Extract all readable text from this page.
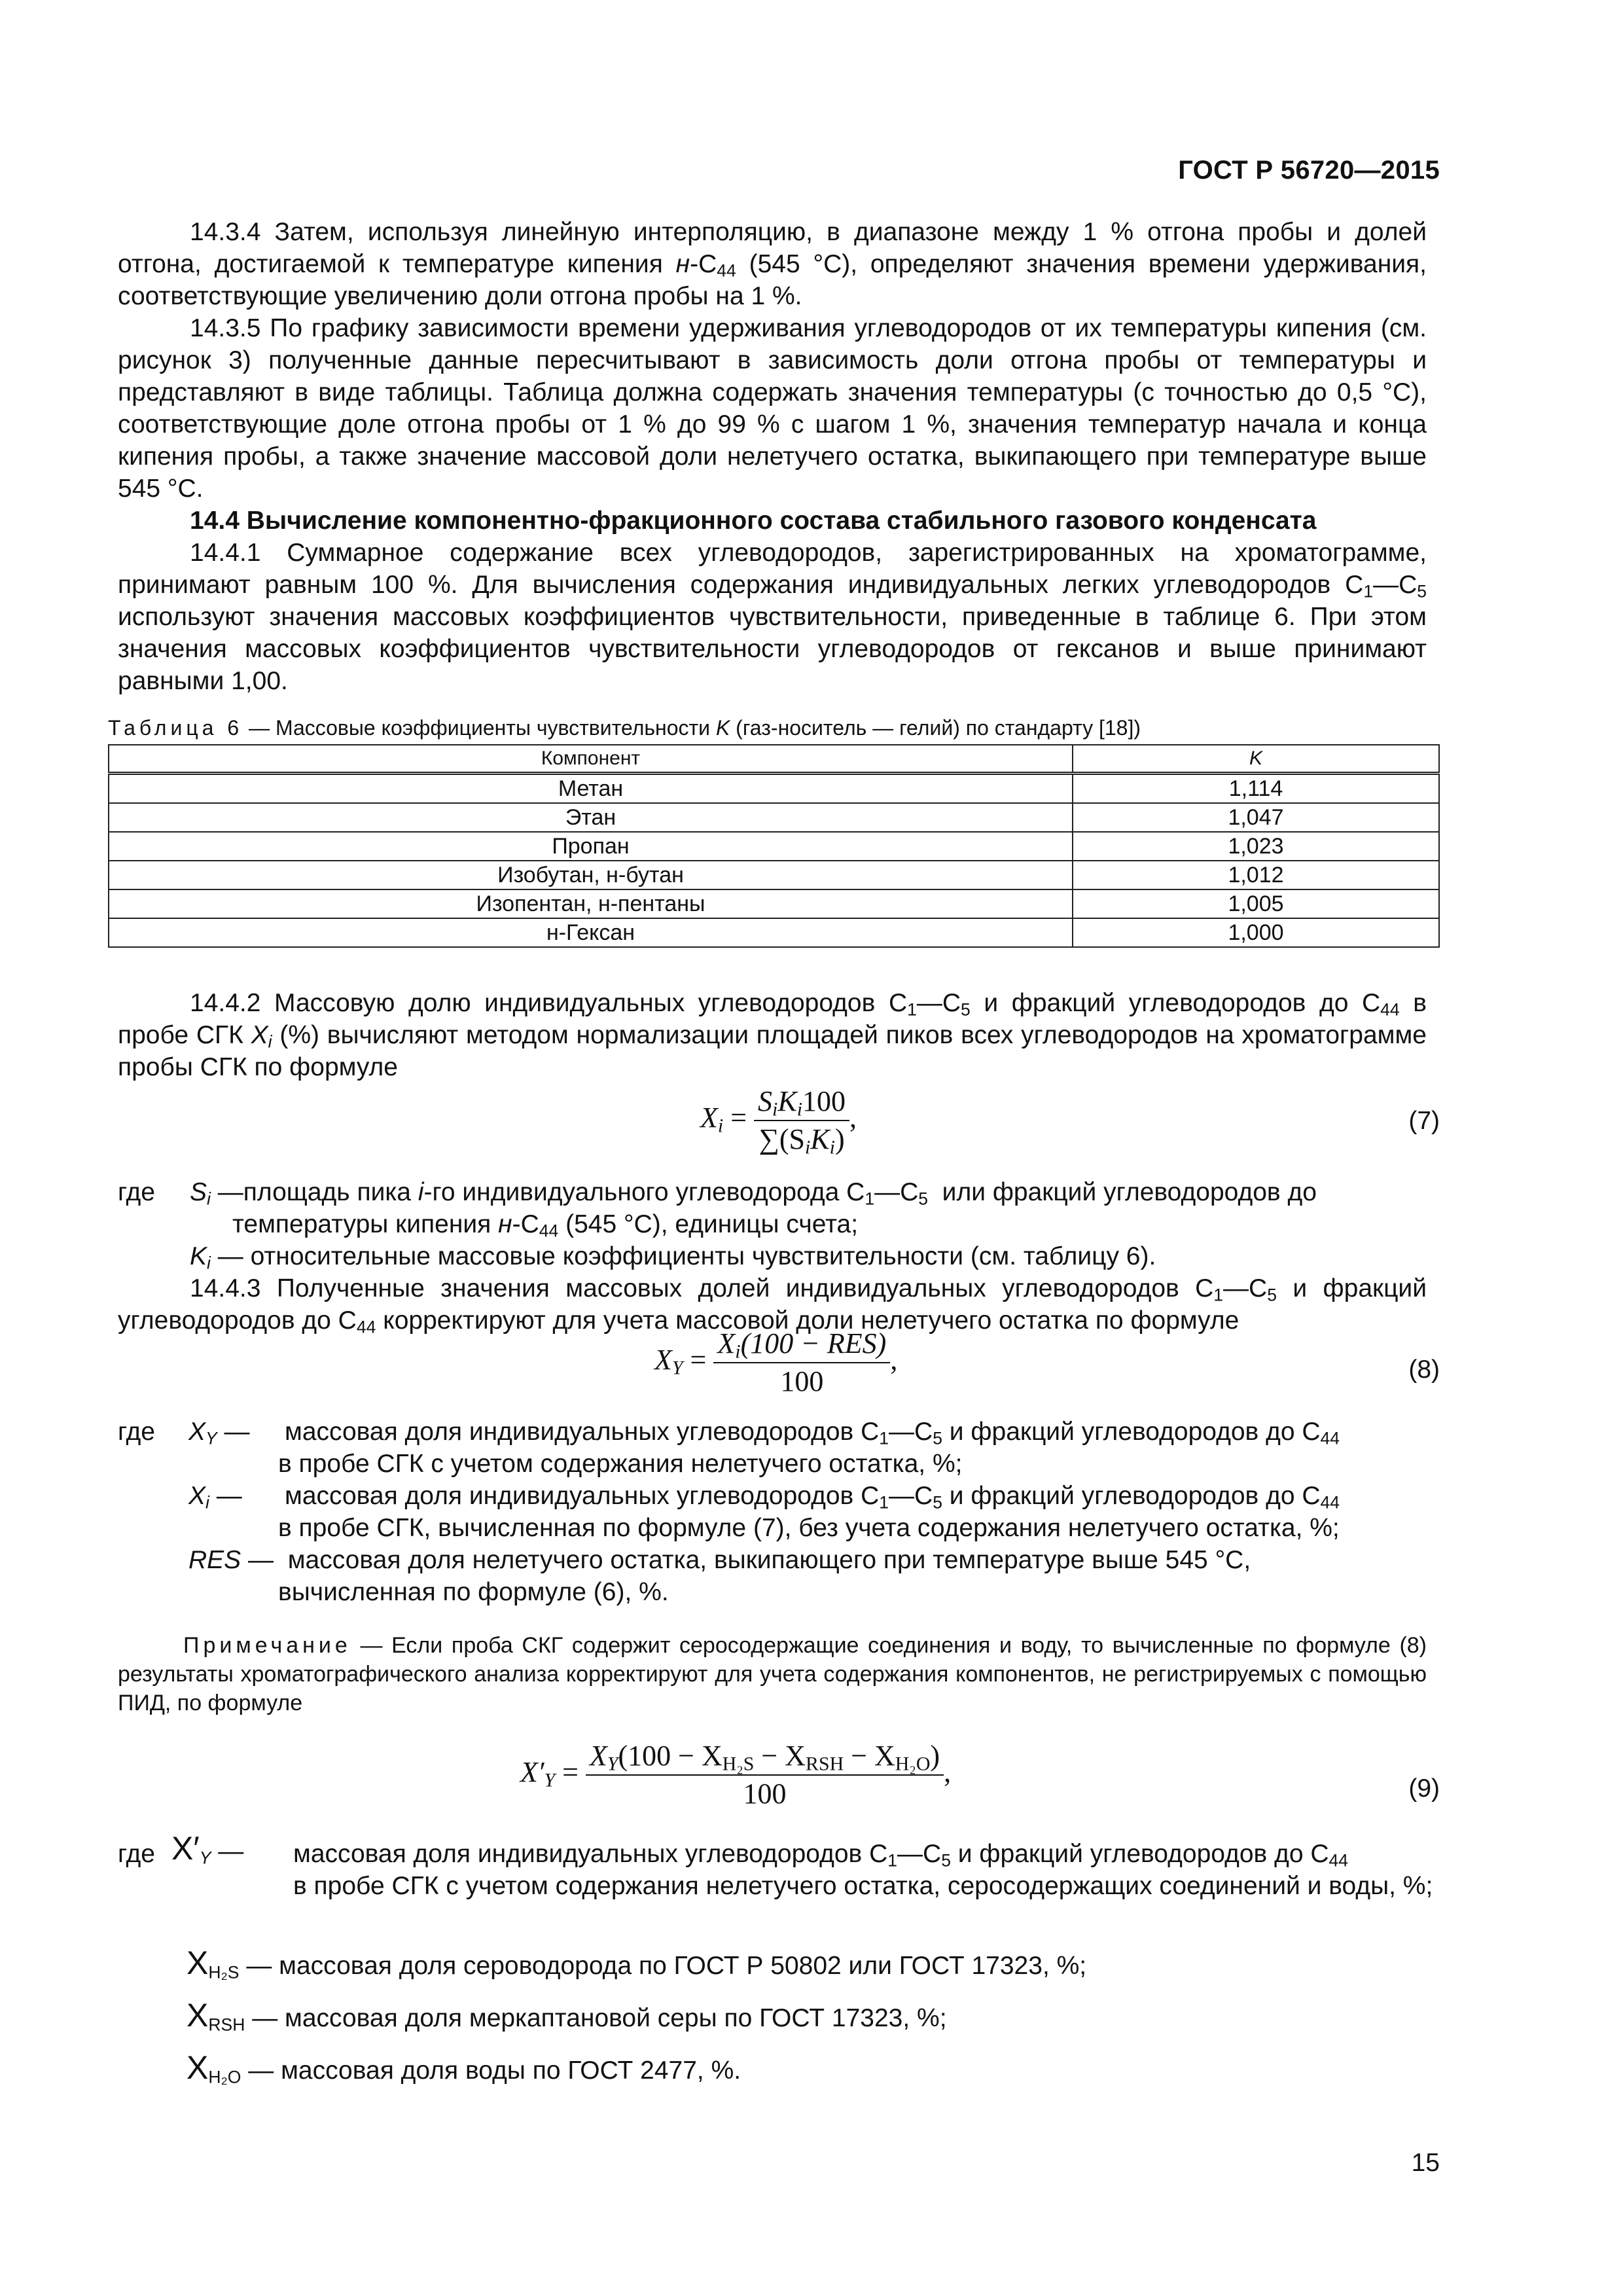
ГОСТ Р 56720—2015
14.3.4 Затем, используя линейную интерполяцию, в диапазоне между 1 % отгона пробы и долей отгона, достигаемой к температуре кипения $н-C_{44}$ (545 °С), определяют значения времени удерживания, соответствующие увеличению доли отгона пробы на 1 %.
14.3.5 По графику зависимости времени удерживания углеводородов от их температуры кипения (см. рисунок 3) полученные данные пересчитывают в зависимость доли отгона пробы от температуры и представляют в виде таблицы. Таблица должна содержать значения температуры (с точностью до 0,5 °С), соответствующие доле отгона пробы от 1 % до 99 % с шагом 1 %, значения температур начала и конца кипения пробы, а также значение массовой доли нелетучего остатка, выкипающего при температуре выше 545 °С.
14.4 Вычисление компонентно-фракционного состава стабильного газового конденсата
14.4.1 Суммарное содержание всех углеводородов, зарегистрированных на хроматограмме, принимают равным 100 %. Для вычисления содержания индивидуальных легких углеводородов $С_1—C_5$ используют значения массовых коэффициентов чувствительности, приведенные в таблице 6. При этом значения массовых коэффициентов чувствительности углеводородов от гексанов и выше принимают равными 1,00.
Таблица 6 — Массовые коэффициенты чувствительности K (газ-носитель — гелий) по стандарту [18])
Компонент	K
Метан	1,114
Этан	1,047
Пропан	1,023
Изобутан, н-бутан	1,012
Изопентан, н-пентаны	1,005
н-Гексан	1,000
14.4.2 Массовую долю индивидуальных углеводородов $С_1—C_5$ и фракций углеводородов до $С_{44}$ в пробе СГК $X_i$ (%) вычисляют методом нормализации площадей пиков всех углеводородов на хроматограмме пробы СГК по формуле
$X_i = \frac{S_iK_i100}{\sum(S_iK_i)}$ ,	(7)
где $S_i$ —площадь пика i-го индивидуального углеводорода $С_1—C_5$ или фракций углеводородов до
температуры кипения $н-C_{44}$ (545 °С), единицы счета;
$K_i$ — относительные массовые коэффициенты чувствительности (см. таблицу 6).
14.4.3 Полученные значения массовых долей индивидуальных углеводородов $С_1—C_5$ и фракций углеводородов до $С_{44}$ корректируют для учета массовой доли нелетучего остатка по формуле
$X_Y = \frac{X_i(100 - RES)}{100}$ ,	(8)
где $X_Y$ — массовая доля индивидуальных углеводородов $С_1—C_5$ и фракций углеводородов до $С_{44}$
в пробе СГК с учетом содержания нелетучего остатка, %;
$X_i$ — массовая доля индивидуальных углеводородов $С_1—C_5$ и фракций углеводородов до $С_{44}$
в пробе СГК, вычисленная по формуле (7), без учета содержания нелетучего остатка, %;
RES — массовая доля нелетучего остатка, выкипающего при температуре выше 545 °С,
вычисленная по формуле (6), %.
Примечание — Если проба СКГ содержит серосодержащие соединения и воду, то вычисленные по формуле (8) результаты хроматографического анализа корректируют для учета содержания компонентов, не регистрируемых с помощью ПИД, по формуле
$X'_Y = \frac{X_Y(100 - X_{H_2S} - X_{RSH} - X_{H_2O})}{100}$ ,
(9)
где $X'_Y$ — массовая доля индивидуальных углеводородов $С_1—C_5$ и фракций углеводородов до $С_{44}$
в пробе СГК с учетом содержания нелетучего остатка, серосодержащих соединений и воды, %;
$X_{H_2S}$ — массовая доля сероводорода по ГОСТ Р 50802 или ГОСТ 17323, %;
$X_{RSH}$ — массовая доля меркаптановой серы по ГОСТ 17323, %;
$X_{H_2O}$ — массовая доля воды по ГОСТ 2477, %.
15
